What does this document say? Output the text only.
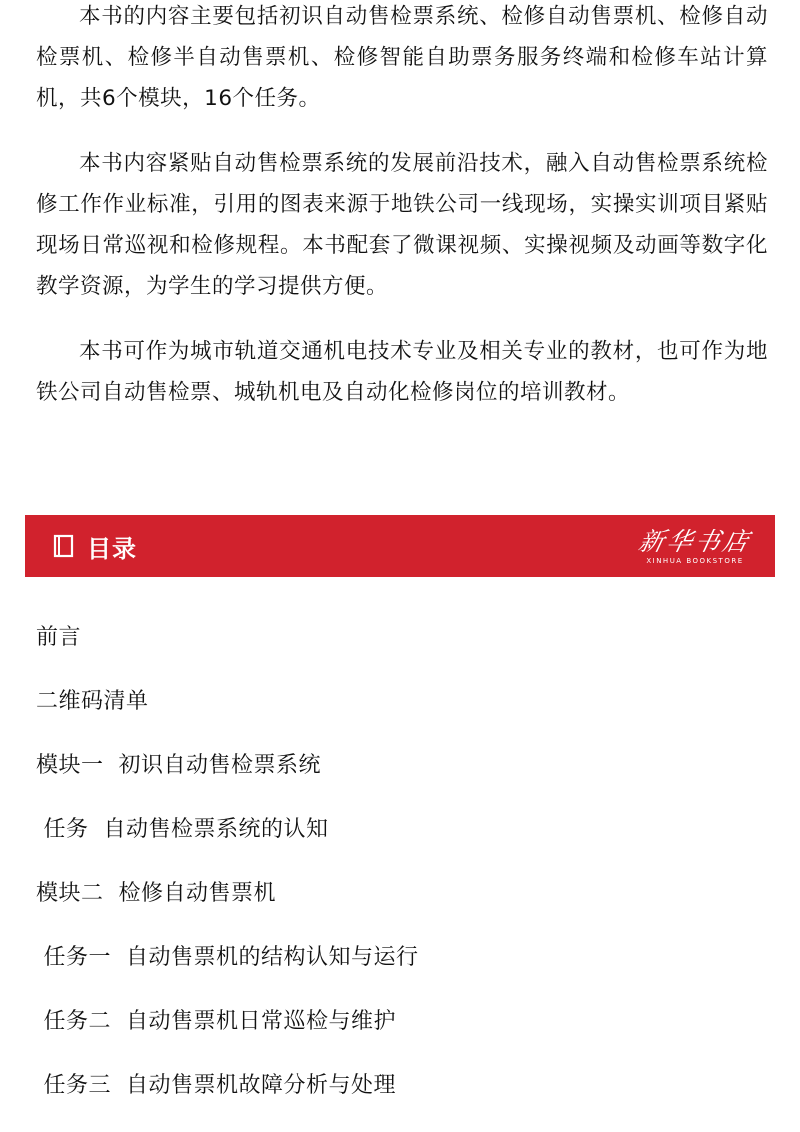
本书的内容主要包括初识自动售检票系统、检修自动售票机、检修自动检票机、检修半自动售票机、检修智能自助票务服务终端和检修车站计算机，共6个模块，16个任务。

本书内容紧贴自动售检票系统的发展前沿技术，融入自动售检票系统检修工作作业标准，引用的图表来源于地铁公司一线现场，实操实训项目紧贴现场日常巡视和检修规程。本书配套了微课视频、实操视频及动画等数字化教学资源，为学生的学习提供方便。

本书可作为城市轨道交通机电技术专业及相关专业的教材，也可作为地铁公司自动售检票、城轨机电及自动化检修岗位的培训教材。

目录	新华书店
XINHUA BOOKSTORE
前言
二维码清单
模块一  初识自动售检票系统
任务  自动售检票系统的认知
模块二  检修自动售票机
任务一  自动售票机的结构认知与运行
任务二  自动售票机日常巡检与维护
任务三  自动售票机故障分析与处理
